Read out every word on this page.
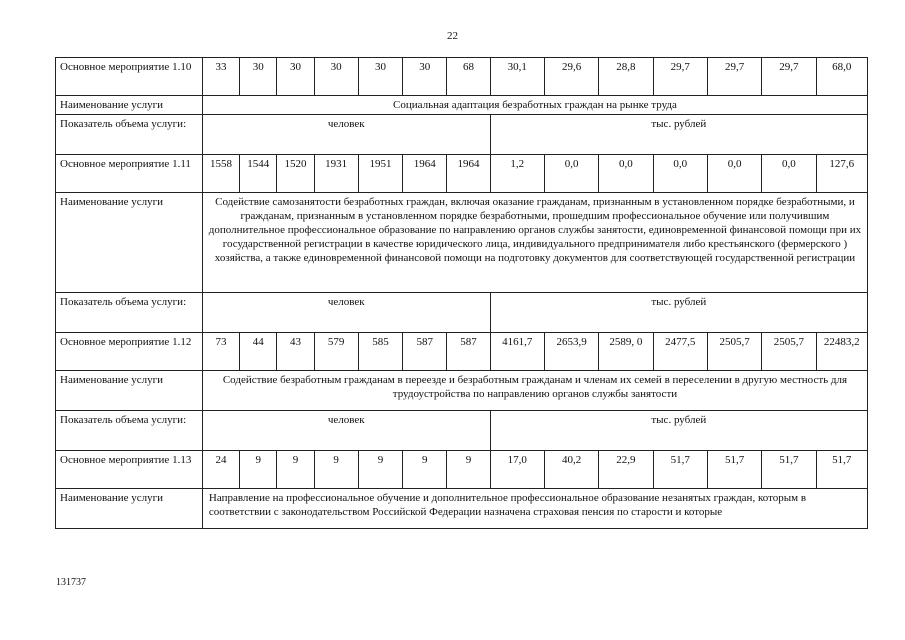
22
Основное мероприятие 1.10	33	30	30	30	30	30	68	30,1	29,6	28,8	29,7	29,7	29,7	68,0
Наименование услуги	Социальная адаптация безработных граждан на рынке труда													
Показатель объема услуги:	человек							тыс. рублей						
Основное мероприятие 1.11	1558	1544	1520	1931	1951	1964	1964	1,2	0,0	0,0	0,0	0,0	0,0	127,6
Наименование услуги	Содействие самозанятости безработных граждан, включая оказание гражданам, признанным в установленном порядке безработными, и гражданам, признанным в установленном порядке безработными, прошедшим профессиональное обучение или получившим дополнительное профессиональное образование по направлению органов службы занятости, единовременной финансовой помощи при их государственной регистрации в качестве юридического лица, индивидуального предпринимателя либо крестьянского (фермерского ) хозяйства, а также единовременной финансовой помощи на подготовку документов для соответствующей государственной регистрации													
Показатель объема услуги:	человек							тыс. рублей						
Основное мероприятие 1.12	73	44	43	579	585	587	587	4161,7	2653,9	2589, 0	2477,5	2505,7	2505,7	22483,2
Наименование услуги	Содействие безработным гражданам в переезде и безработным гражданам и членам их семей в переселении в другую местность для трудоустройства по направлению органов службы занятости													
Показатель объема услуги:	человек							тыс. рублей						
Основное мероприятие 1.13	24	9	9	9	9	9	9	17,0	40,2	22,9	51,7	51,7	51,7	51,7
Наименование услуги	Направление на профессиональное обучение и дополнительное профессиональное образование незанятых граждан, которым в соответствии с законодательством Российской Федерации назначена страховая пенсия по старости и которые													
131737
